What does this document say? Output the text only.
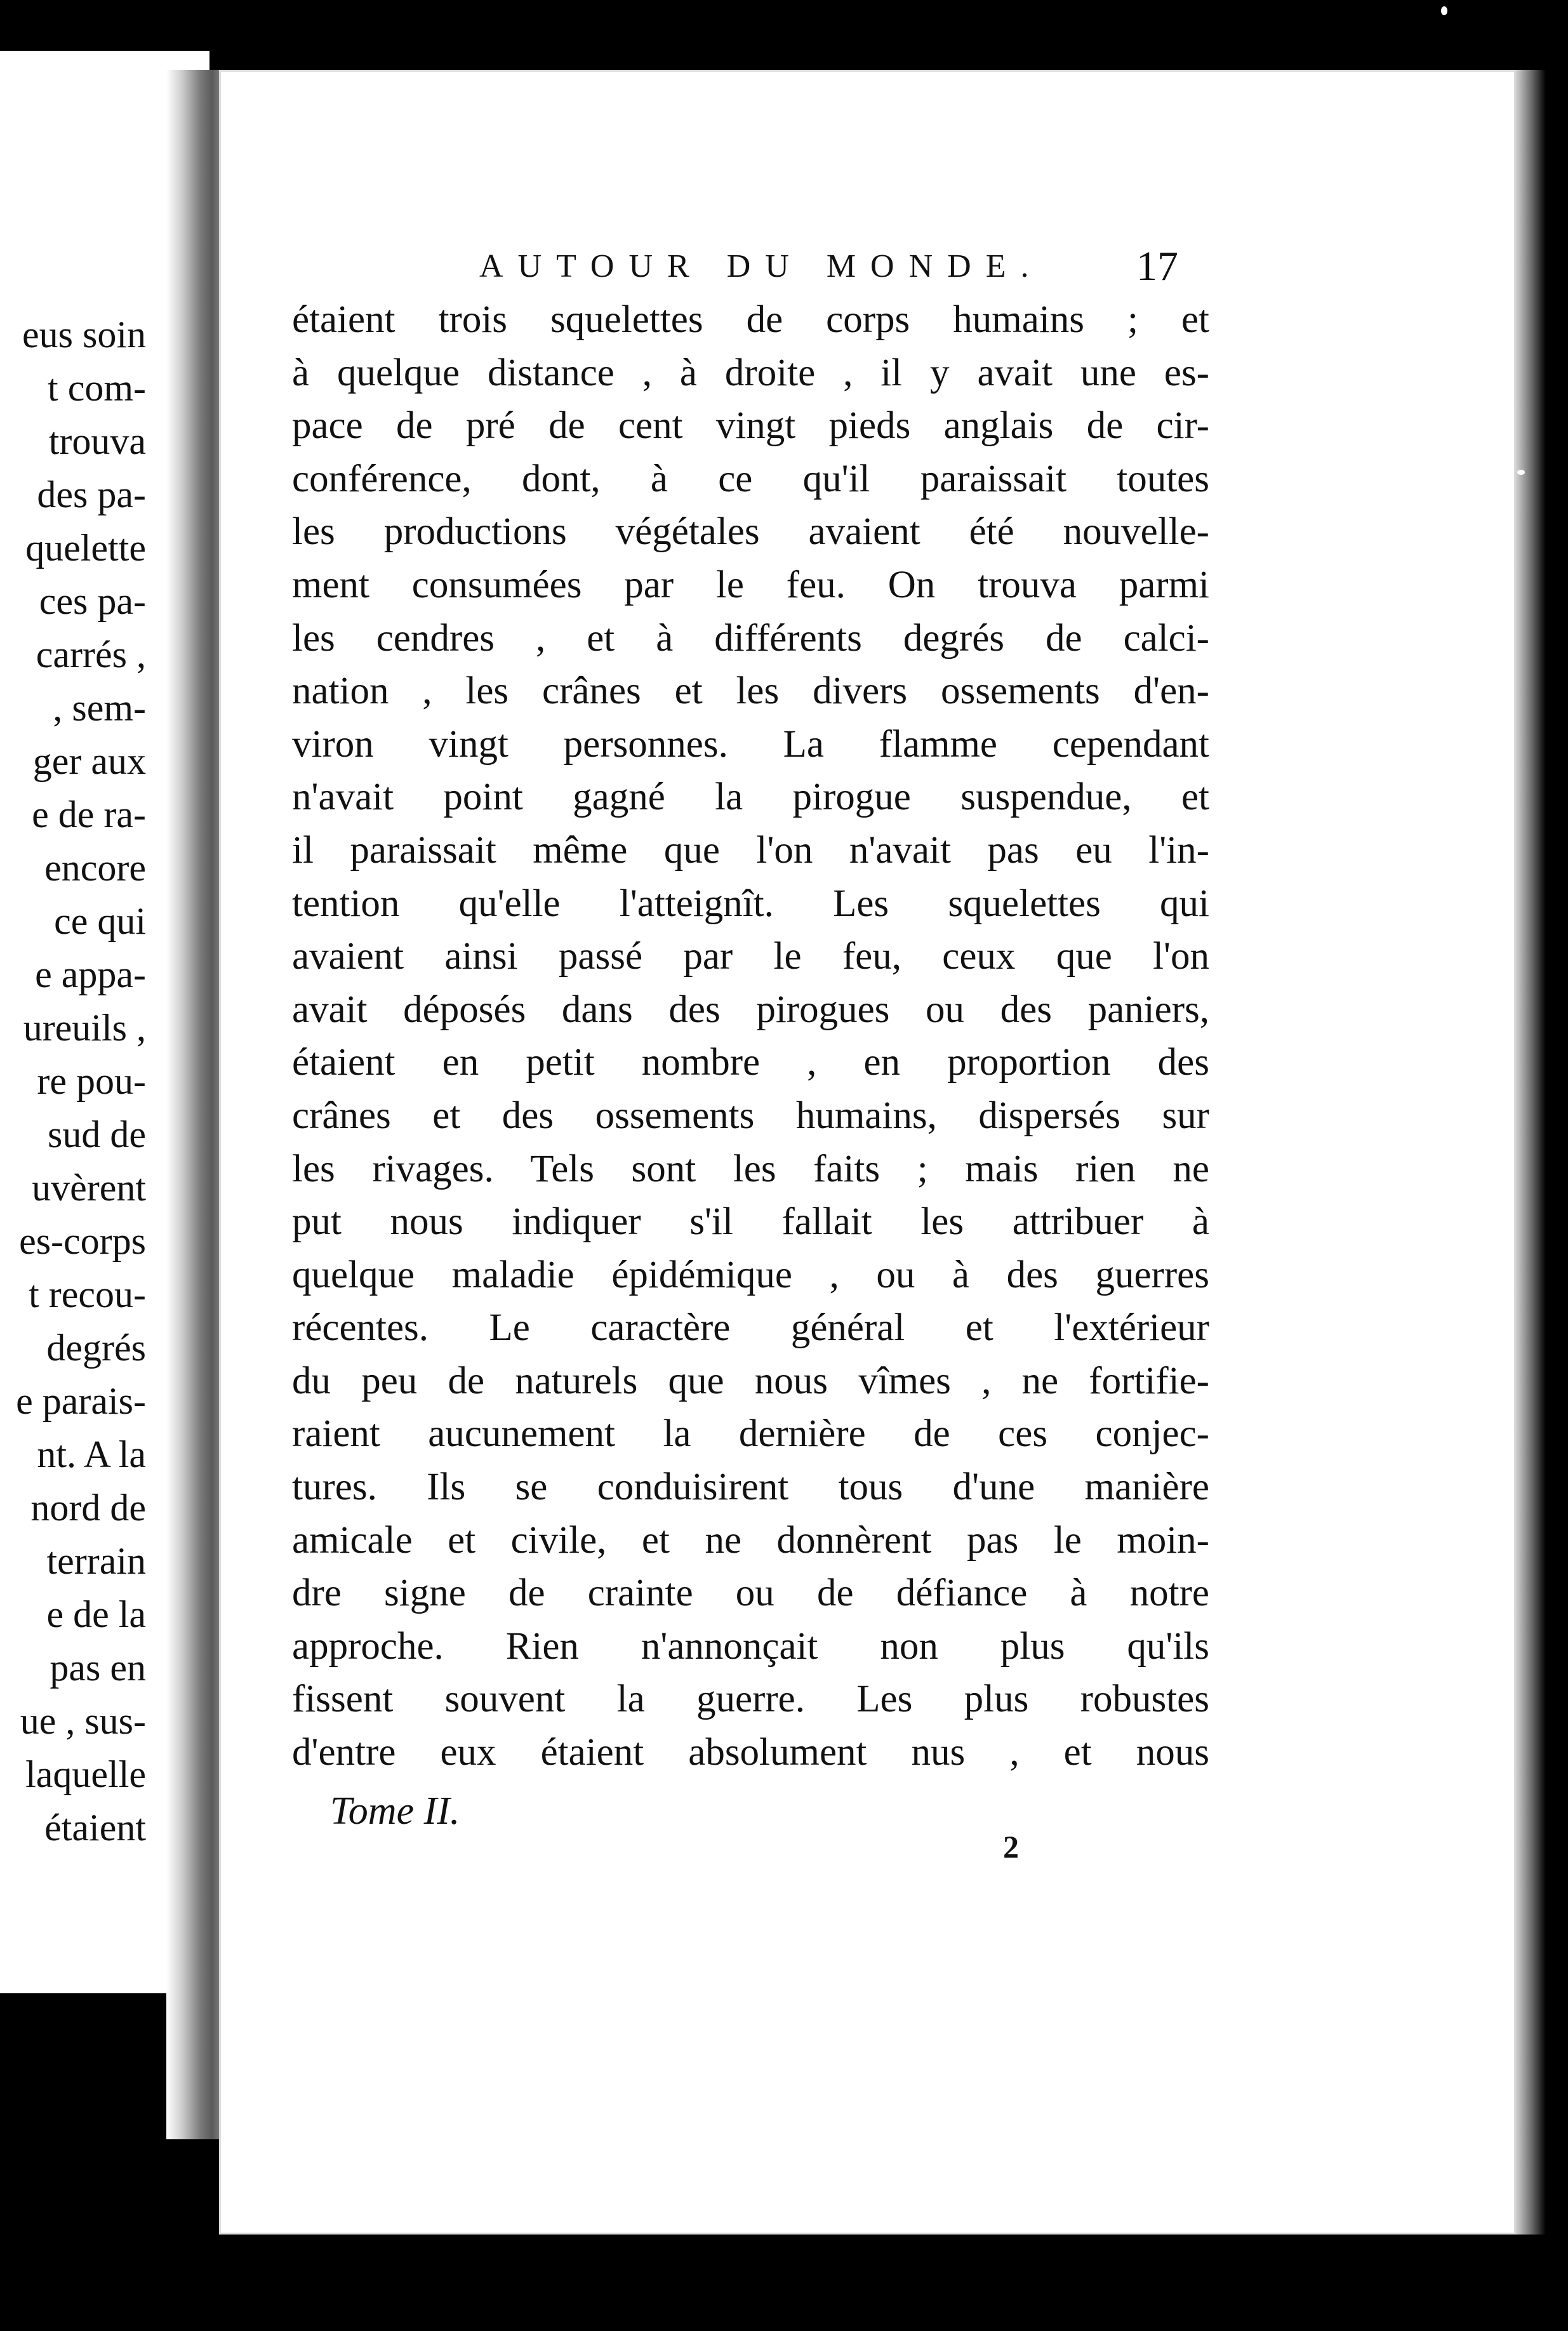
eus soin
t com-
trouva
des pa-
quelette
ces pa-
carrés ,
, sem-
ger aux
e de ra-
encore
ce qui
e appa-
ureuils ,
re pou-
sud de
uvèrent
es-corps
t recou-
degrés
e parais-
nt. A la
nord de
terrain
e de la
pas en
ue , sus-
laquelle
étaient
AUTOUR DU MONDE. 17
étaient trois squelettes de corps humains ; et
à quelque distance , à droite , il y avait une es-
pace de pré de cent vingt pieds anglais de cir-
conférence, dont, à ce qu'il paraissait toutes
les productions végétales avaient été nouvelle-
ment consumées par le feu. On trouva parmi
les cendres , et à différents degrés de calci-
nation , les crânes et les divers ossements d'en-
viron vingt personnes. La flamme cependant
n'avait point gagné la pirogue suspendue, et
il paraissait même que l'on n'avait pas eu l'in-
tention qu'elle l'atteignît. Les squelettes qui
avaient ainsi passé par le feu, ceux que l'on
avait déposés dans des pirogues ou des paniers,
étaient en petit nombre , en proportion des
crânes et des ossements humains, dispersés sur
les rivages. Tels sont les faits ; mais rien ne
put nous indiquer s'il fallait les attribuer à
quelque maladie épidémique , ou à des guerres
récentes. Le caractère général et l'extérieur
du peu de naturels que nous vîmes , ne fortifie-
raient aucunement la dernière de ces conjec-
tures. Ils se conduisirent tous d'une manière
amicale et civile, et ne donnèrent pas le moin-
dre signe de crainte ou de défiance à notre
approche. Rien n'annonçait non plus qu'ils
fissent souvent la guerre. Les plus robustes
d'entre eux étaient absolument nus , et nous
Tome II.
2
